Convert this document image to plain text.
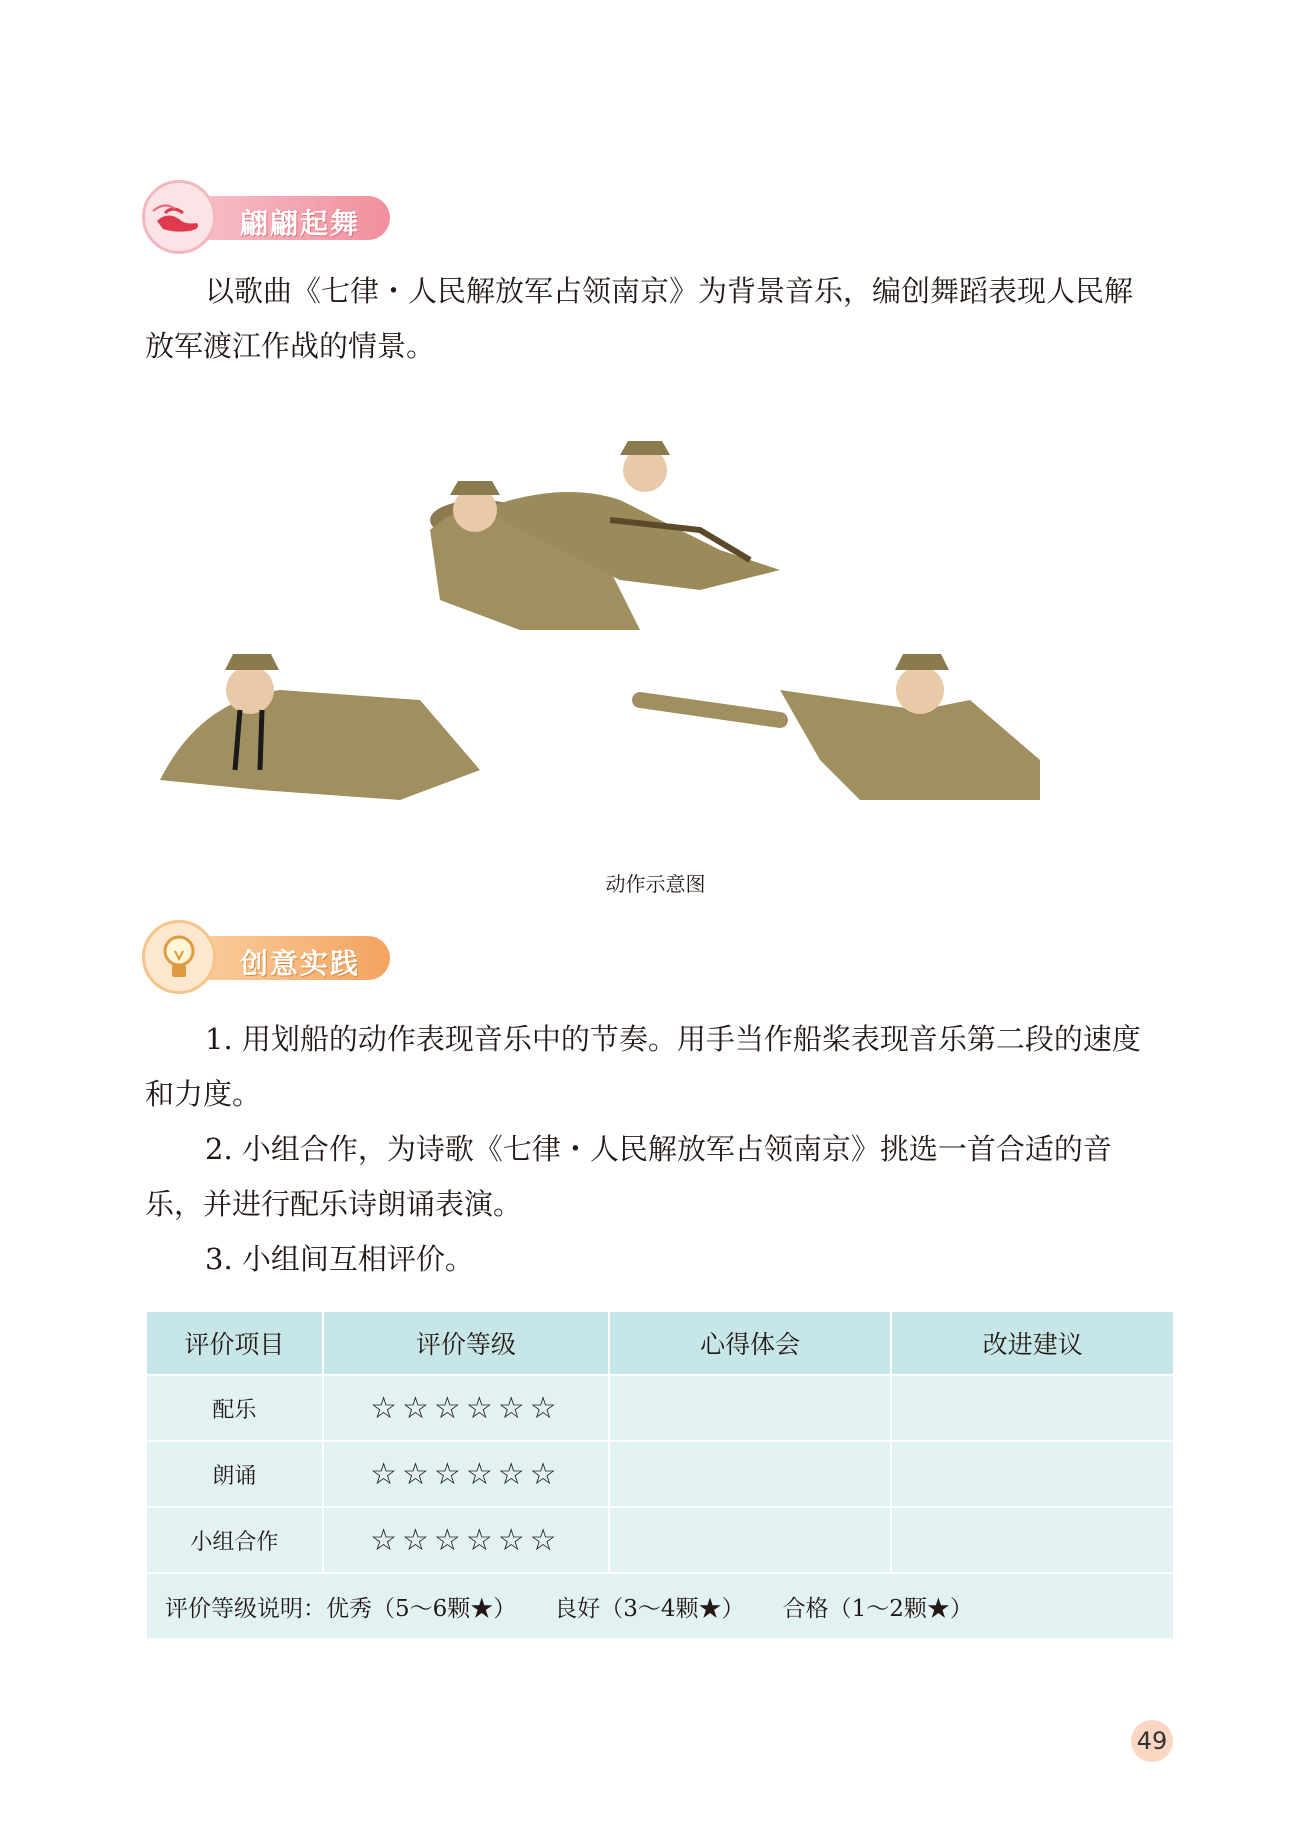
翩翩起舞
以歌曲《七律・人民解放军占领南京》为背景音乐，编创舞蹈表现人民解
放军渡江作战的情景。
动作示意图
创意实践
1. 用划船的动作表现音乐中的节奏。用手当作船桨表现音乐第二段的速度
和力度。
2. 小组合作，为诗歌《七律・人民解放军占领南京》挑选一首合适的音
乐，并进行配乐诗朗诵表演。
3. 小组间互相评价。
评价项目	评价等级	心得体会	改进建议
配乐	☆☆☆☆☆☆		
朗诵	☆☆☆☆☆☆		
小组合作	☆☆☆☆☆☆		
评价等级说明：优秀（5～6颗★） 良好（3～4颗★） 合格（1～2颗★）			
49
